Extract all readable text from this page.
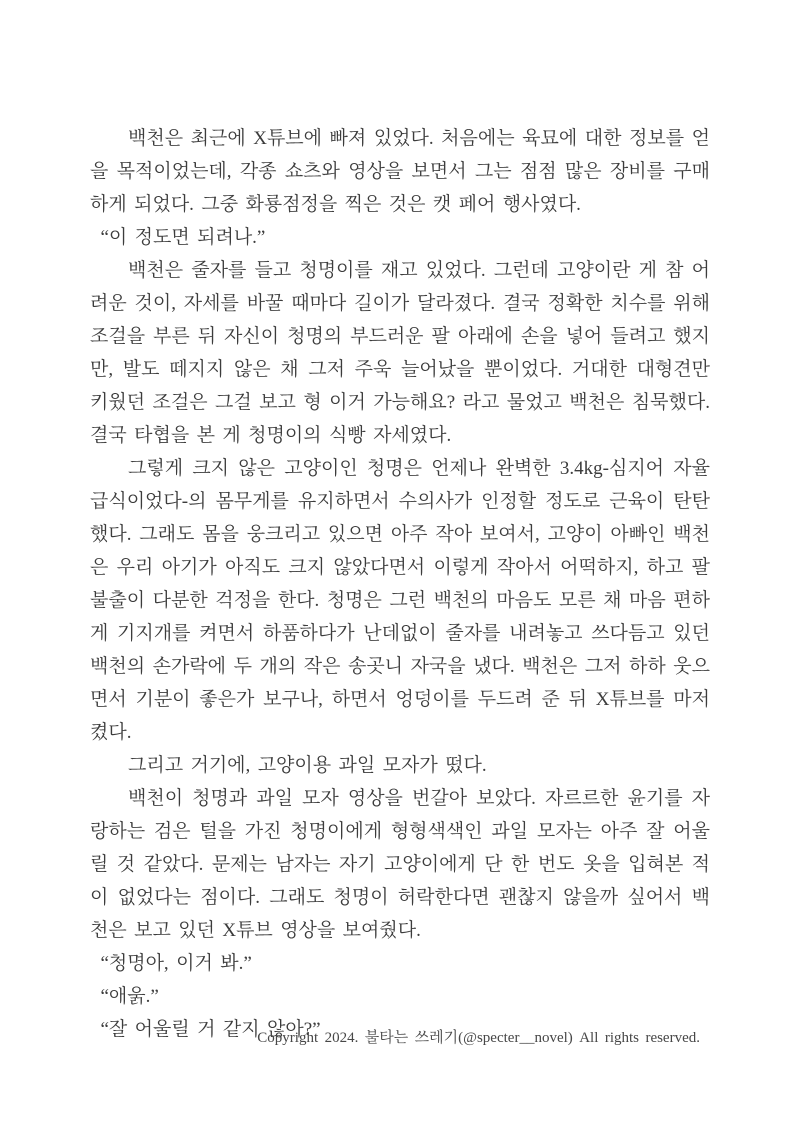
백천은 최근에 X튜브에 빠져 있었다. 처음에는 육묘에 대한 정보를 얻을 목적이었는데, 각종 쇼츠와 영상을 보면서 그는 점점 많은 장비를 구매하게 되었다. 그중 화룡점정을 찍은 것은 캣 페어 행사였다.

“이 정도면 되려나.”

백천은 줄자를 들고 청명이를 재고 있었다. 그런데 고양이란 게 참 어려운 것이, 자세를 바꿀 때마다 길이가 달라졌다. 결국 정확한 치수를 위해 조걸을 부른 뒤 자신이 청명의 부드러운 팔 아래에 손을 넣어 들려고 했지만, 발도 떼지지 않은 채 그저 주욱 늘어났을 뿐이었다. 거대한 대형견만 키웠던 조걸은 그걸 보고 형 이거 가능해요? 라고 물었고 백천은 침묵했다. 결국 타협을 본 게 청명이의 식빵 자세였다.

그렇게 크지 않은 고양이인 청명은 언제나 완벽한 3.4kg-심지어 자율 급식이었다-의 몸무게를 유지하면서 수의사가 인정할 정도로 근육이 탄탄했다. 그래도 몸을 웅크리고 있으면 아주 작아 보여서, 고양이 아빠인 백천은 우리 아기가 아직도 크지 않았다면서 이렇게 작아서 어떡하지, 하고 팔불출이 다분한 걱정을 한다. 청명은 그런 백천의 마음도 모른 채 마음 편하게 기지개를 켜면서 하품하다가 난데없이 줄자를 내려놓고 쓰다듬고 있던 백천의 손가락에 두 개의 작은 송곳니 자국을 냈다. 백천은 그저 하하 웃으면서 기분이 좋은가 보구나, 하면서 엉덩이를 두드려 준 뒤 X튜브를 마저 켰다.

그리고 거기에, 고양이용 과일 모자가 떴다.

백천이 청명과 과일 모자 영상을 번갈아 보았다. 자르르한 윤기를 자랑하는 검은 털을 가진 청명이에게 형형색색인 과일 모자는 아주 잘 어울릴 것 같았다. 문제는 남자는 자기 고양이에게 단 한 번도 옷을 입혀본 적이 없었다는 점이다. 그래도 청명이 허락한다면 괜찮지 않을까 싶어서 백천은 보고 있던 X튜브 영상을 보여줬다.

“청명아, 이거 봐.”

“애욹.”

“잘 어울릴 거 같지 않아?”

Copyright 2024. 불타는 쓰레기(@specter__novel) All rights reserved.
